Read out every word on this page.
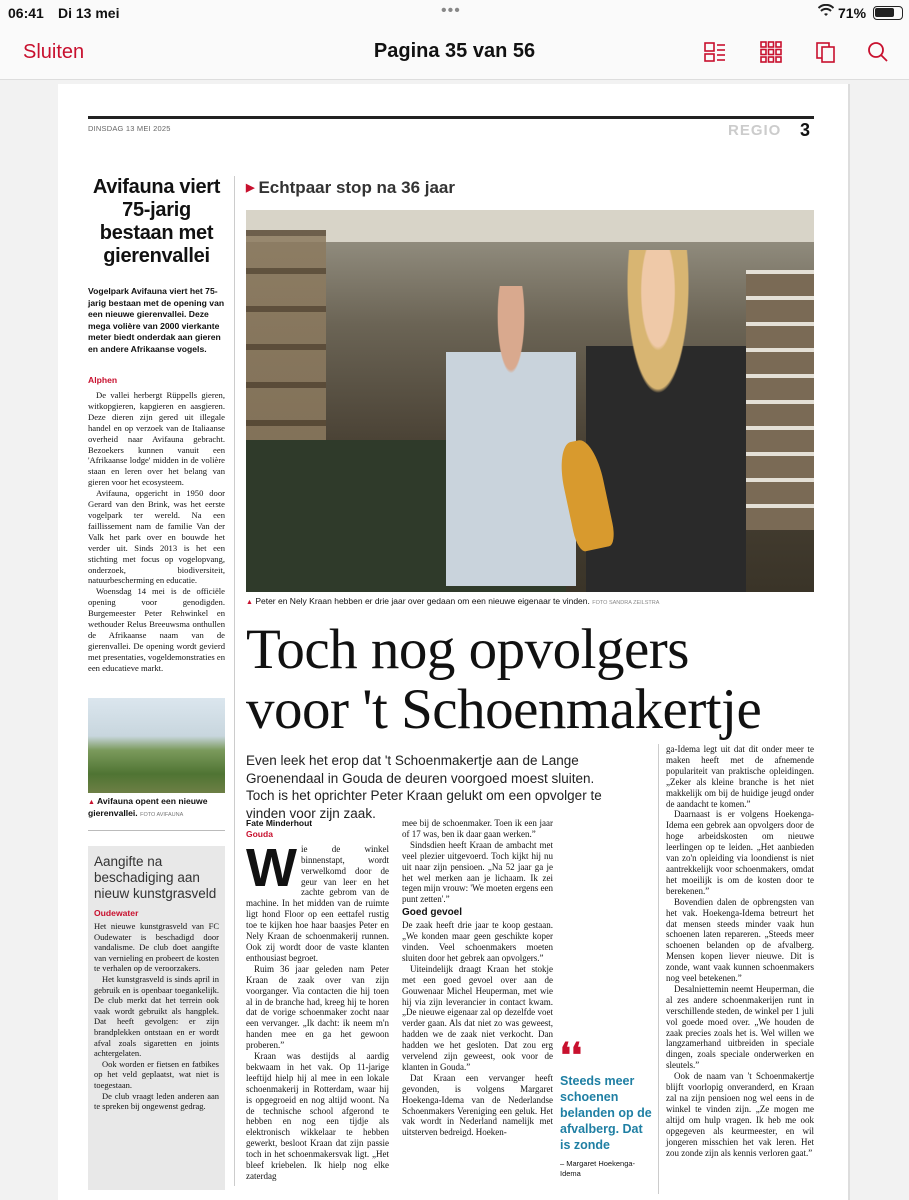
06:41 Di 13 mei	•••	71%
Sluiten	Pagina 35 van 56
DINSDAG 13 MEI 2025	REGIO 3
Avifauna viert 75-jarig bestaan met gierenvallei
Vogelpark Avifauna viert het 75-jarig bestaan met de opening van een nieuwe gierenvallei. Deze mega volière van 2000 vierkante meter biedt onderdak aan gieren en andere Afrikaanse vogels.
Alphen

De vallei herbergt Rüppells gieren, witkopgieren, kapgieren en aasgieren. Deze dieren zijn gered uit illegale handel en op verzoek van de Italiaanse overheid naar Avifauna gebracht. Bezoekers kunnen vanuit een 'Afrikaanse lodge' midden in de volière staan en leren over het belang van gieren voor het ecosysteem.

Avifauna, opgericht in 1950 door Gerard van den Brink, was het eerste vogelpark ter wereld. Na een faillissement nam de familie Van der Valk het park over en bouwde het verder uit. Sinds 2013 is het een stichting met focus op vogelopvang, onderzoek, biodiversiteit, natuurbescherming en educatie.

Woensdag 14 mei is de officiële opening voor genodigden. Burgemeester Peter Rehwinkel en wethouder Relus Breeuwsma onthullen de Afrikaanse naam van de gierenvallei. De opening wordt gevierd met presentaties, vogeldemonstraties en een educatieve markt.

▲ Avifauna opent een nieuwe gierenvallei. FOTO AVIFAUNA
Aangifte na beschadiging aan nieuw kunstgrasveld
Oudewater

Het nieuwe kunstgrasveld van FC Oudewater is beschadigd door vandalisme. De club doet aangifte van vernieling en probeert de kosten te verhalen op de veroorzakers.

Het kunstgrasveld is sinds april in gebruik en is openbaar toegankelijk. De club merkt dat het terrein ook vaak wordt gebruikt als hangplek. Dat heeft gevolgen: er zijn brandplekken ontstaan en er wordt afval zoals sigaretten en joints achtergelaten.

Ook worden er fietsen en fatbikes op het veld geplaatst, wat niet is toegestaan.

De club vraagt leden anderen aan te spreken bij ongewenst gedrag.

▶ Echtpaar stop na 36 jaar
▲ Peter en Nely Kraan hebben er drie jaar over gedaan om een nieuwe eigenaar te vinden. FOTO SANDRA ZEILSTRA
Toch nog opvolgers
voor 't Schoenmakertje
Even leek het erop dat 't Schoenmakertje aan de Lange Groenendaal in Gouda de deuren voorgoed moest sluiten. Toch is het oprichter Peter Kraan gelukt om een opvolger te vinden voor zijn zaak.
Fate Minderhout
Gouda

Wie de winkel binnenstapt, wordt verwelkomd door de geur van leer en het zachte gebrom van de machine. In het midden van de ruimte ligt hond Floor op een eettafel rustig toe te kijken hoe haar baasjes Peter en Nely Kraan de schoenmakerij runnen. Ook zij wordt door de vaste klanten enthousiast begroet.

Ruim 36 jaar geleden nam Peter Kraan de zaak over van zijn voorganger. Via contacten die hij toen al in de branche had, kreeg hij te horen dat de vorige schoenmaker zocht naar een vervanger. „Ik dacht: ik neem m'n handen mee en ga het gewoon proberen.”

Kraan was destijds al aardig bekwaam in het vak. Op 11-jarige leeftijd hielp hij al mee in een lokale schoenmakerij in Rotterdam, waar hij is opgegroeid en nog altijd woont. Na de technische school afgerond te hebben en nog een tijdje als elektronisch wikkelaar te hebben gewerkt, besloot Kraan dat zijn passie toch in het schoenmakersvak ligt. „Het bleef kriebelen. Ik hielp nog elke zaterdag

mee bij de schoenmaker. Toen ik een jaar of 17 was, ben ik daar gaan werken.”

Sindsdien heeft Kraan de ambacht met veel plezier uitgevoerd. Toch kijkt hij nu uit naar zijn pensioen. „Na 52 jaar ga je het wel merken aan je lichaam. Ik zei tegen mijn vrouw: 'We moeten ergens een punt zetten'.”

Goed gevoel

De zaak heeft drie jaar te koop gestaan. „We konden maar geen geschikte koper vinden. Veel schoenmakers moeten sluiten door het gebrek aan opvolgers.”

Uiteindelijk draagt Kraan het stokje met een goed gevoel over aan de Gouwenaar Michel Heuperman, met wie hij via zijn leverancier in contact kwam. „De nieuwe eigenaar zal op dezelfde voet verder gaan. Als dat niet zo was geweest, hadden we de zaak niet verkocht. Dan hadden we het gesloten. Dat zou erg vervelend zijn geweest, ook voor de klanten in Gouda.”

Dat Kraan een vervanger heeft gevonden, is volgens Margaret Hoekenga-Idema van de Nederlandse Schoenmakers Vereniging een geluk. Het vak wordt in Nederland namelijk met uitsterven bedreigd. Hoeken-

❛❛
Steeds meer schoenen belanden op de afvalberg. Dat is zonde
– Margaret Hoekenga-Idema

ga-Idema legt uit dat dit onder meer te maken heeft met de afnemende populariteit van praktische opleidingen. „Zeker als kleine branche is het niet makkelijk om bij de huidige jeugd onder de aandacht te komen.”

Daarnaast is er volgens Hoekenga-Idema een gebrek aan opvolgers door de hoge arbeidskosten om nieuwe leerlingen op te leiden. „Het aanbieden van zo'n opleiding via loondienst is niet aantrekkelijk voor schoenmakers, omdat het moeilijk is om de kosten door te berekenen.”

Bovendien dalen de opbrengsten van het vak. Hoekenga-Idema betreurt het dat mensen steeds minder vaak hun schoenen laten repareren. „Steeds meer schoenen belanden op de afvalberg. Mensen kopen liever nieuwe. Dit is zonde, want vaak kunnen schoenmakers nog veel betekenen.”

Desalniettemin neemt Heuperman, die al zes andere schoenmakerijen runt in verschillende steden, de winkel per 1 juli vol goede moed over. „We houden de zaak precies zoals het is. Wel willen we langzamerhand uitbreiden in speciale dingen, zoals speciale onderwerken en sleutels.”

Ook de naam van 't Schoenmakertje blijft voorlopig onveranderd, en Kraan zal na zijn pensioen nog wel eens in de winkel te vinden zijn. „Ze mogen me altijd om hulp vragen. Ik heb me ook opgegeven als keurmeester, en wil jongeren misschien het vak leren. Het zou zonde zijn als kennis verloren gaat.”
